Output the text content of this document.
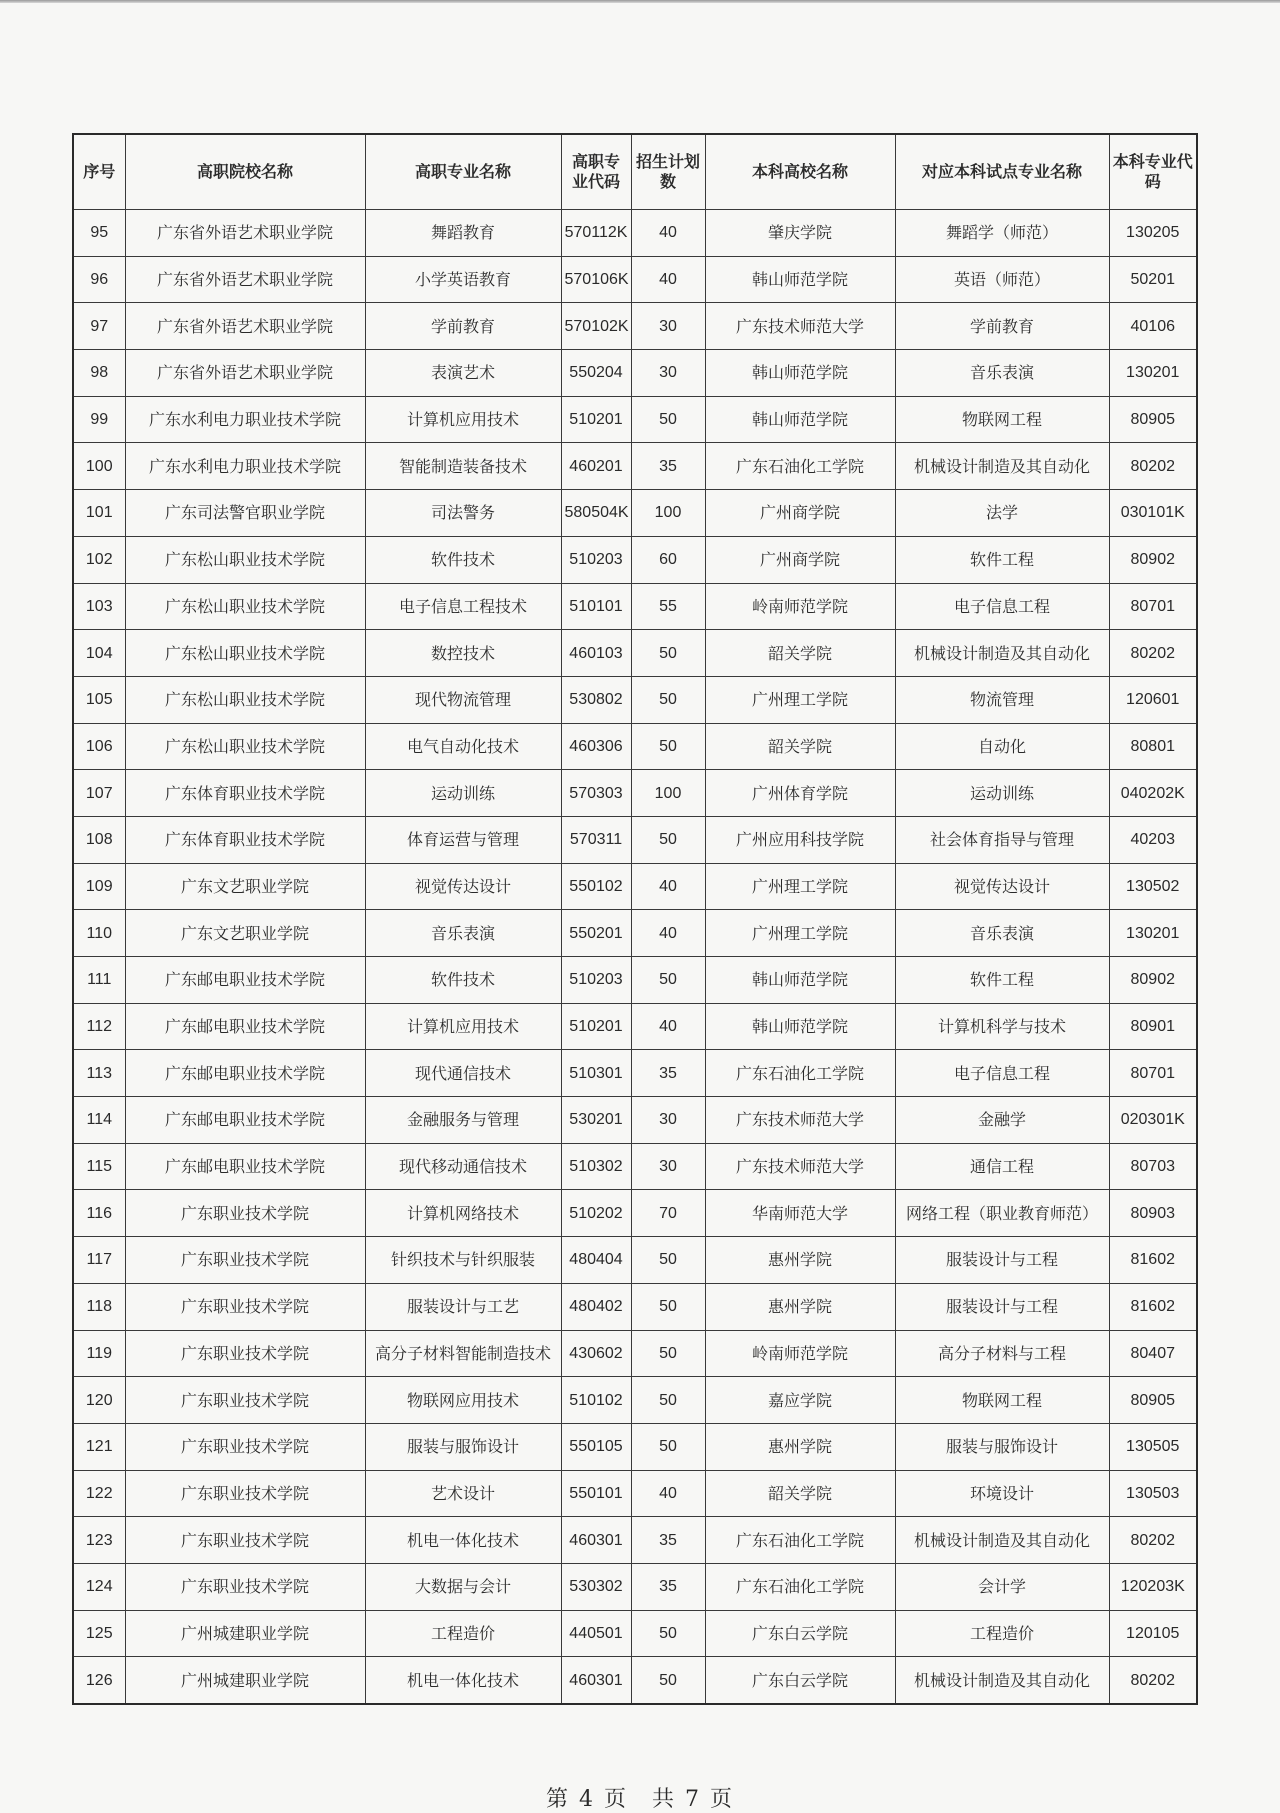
序号	高职院校名称	高职专业名称	高职专业代码	招生计划数	本科高校名称	对应本科试点专业名称	本科专业代码
95	广东省外语艺术职业学院	舞蹈教育	570112K	40	肇庆学院	舞蹈学（师范）	130205
96	广东省外语艺术职业学院	小学英语教育	570106K	40	韩山师范学院	英语（师范）	50201
97	广东省外语艺术职业学院	学前教育	570102K	30	广东技术师范大学	学前教育	40106
98	广东省外语艺术职业学院	表演艺术	550204	30	韩山师范学院	音乐表演	130201
99	广东水利电力职业技术学院	计算机应用技术	510201	50	韩山师范学院	物联网工程	80905
100	广东水利电力职业技术学院	智能制造装备技术	460201	35	广东石油化工学院	机械设计制造及其自动化	80202
101	广东司法警官职业学院	司法警务	580504K	100	广州商学院	法学	030101K
102	广东松山职业技术学院	软件技术	510203	60	广州商学院	软件工程	80902
103	广东松山职业技术学院	电子信息工程技术	510101	55	岭南师范学院	电子信息工程	80701
104	广东松山职业技术学院	数控技术	460103	50	韶关学院	机械设计制造及其自动化	80202
105	广东松山职业技术学院	现代物流管理	530802	50	广州理工学院	物流管理	120601
106	广东松山职业技术学院	电气自动化技术	460306	50	韶关学院	自动化	80801
107	广东体育职业技术学院	运动训练	570303	100	广州体育学院	运动训练	040202K
108	广东体育职业技术学院	体育运营与管理	570311	50	广州应用科技学院	社会体育指导与管理	40203
109	广东文艺职业学院	视觉传达设计	550102	40	广州理工学院	视觉传达设计	130502
110	广东文艺职业学院	音乐表演	550201	40	广州理工学院	音乐表演	130201
111	广东邮电职业技术学院	软件技术	510203	50	韩山师范学院	软件工程	80902
112	广东邮电职业技术学院	计算机应用技术	510201	40	韩山师范学院	计算机科学与技术	80901
113	广东邮电职业技术学院	现代通信技术	510301	35	广东石油化工学院	电子信息工程	80701
114	广东邮电职业技术学院	金融服务与管理	530201	30	广东技术师范大学	金融学	020301K
115	广东邮电职业技术学院	现代移动通信技术	510302	30	广东技术师范大学	通信工程	80703
116	广东职业技术学院	计算机网络技术	510202	70	华南师范大学	网络工程（职业教育师范）	80903
117	广东职业技术学院	针织技术与针织服装	480404	50	惠州学院	服装设计与工程	81602
118	广东职业技术学院	服装设计与工艺	480402	50	惠州学院	服装设计与工程	81602
119	广东职业技术学院	高分子材料智能制造技术	430602	50	岭南师范学院	高分子材料与工程	80407
120	广东职业技术学院	物联网应用技术	510102	50	嘉应学院	物联网工程	80905
121	广东职业技术学院	服装与服饰设计	550105	50	惠州学院	服装与服饰设计	130505
122	广东职业技术学院	艺术设计	550101	40	韶关学院	环境设计	130503
123	广东职业技术学院	机电一体化技术	460301	35	广东石油化工学院	机械设计制造及其自动化	80202
124	广东职业技术学院	大数据与会计	530302	35	广东石油化工学院	会计学	120203K
125	广州城建职业学院	工程造价	440501	50	广东白云学院	工程造价	120105
126	广州城建职业学院	机电一体化技术	460301	50	广东白云学院	机械设计制造及其自动化	80202
第 4 页　共 7 页
